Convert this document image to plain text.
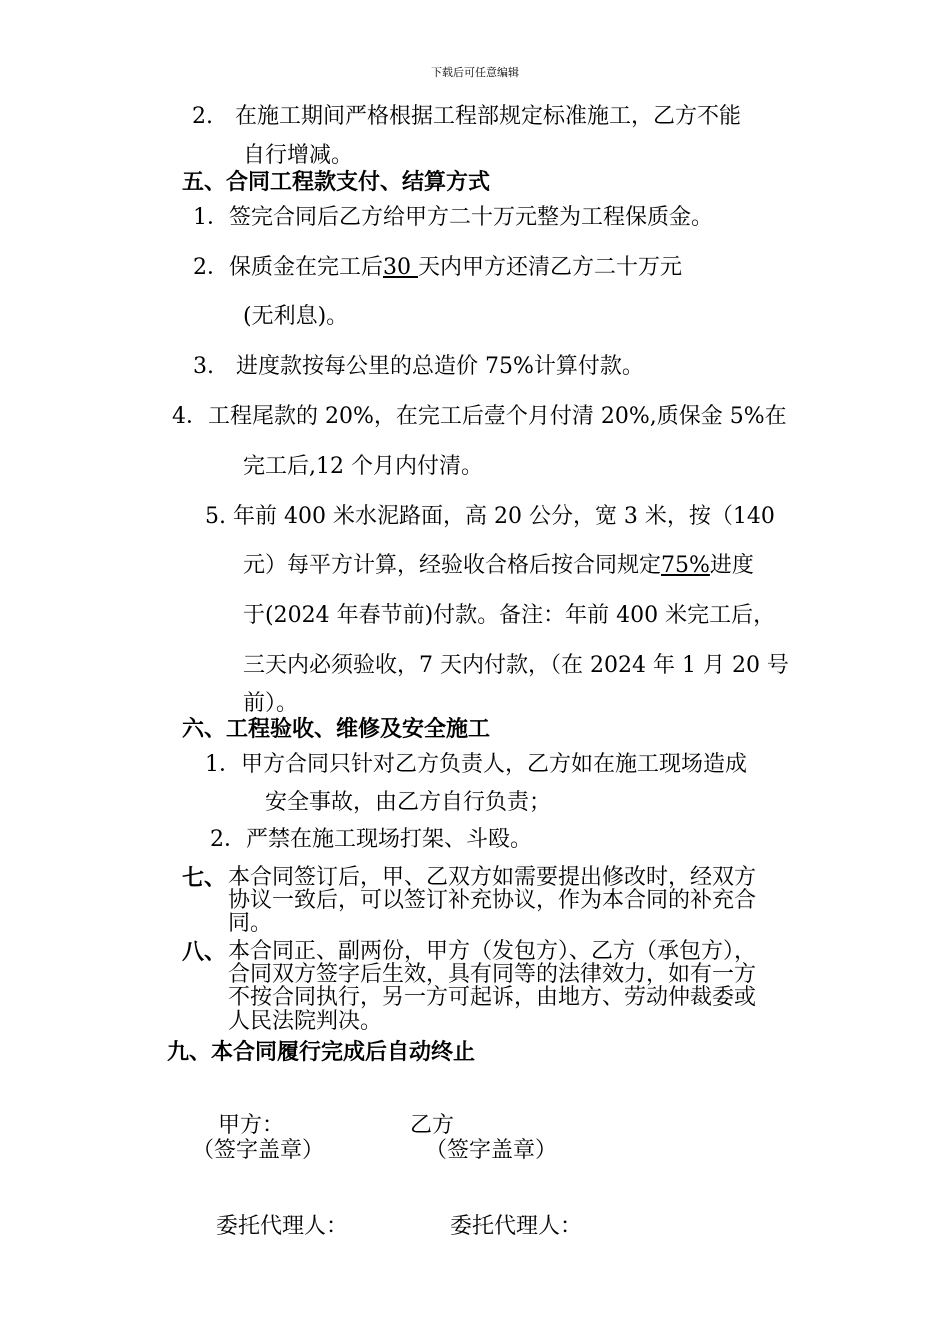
下载后可任意编辑
2.　在施工期间严格根据工程部规定标准施工，乙方不能
自行增减。
五、合同工程款支付、结算方式
1．签完合同后乙方给甲方二十万元整为工程保质金。
2．保质金在完工后30 天内甲方还清乙方二十万元
(无利息)。
3.　进度款按每公里的总造价 75%计算付款。
4．工程尾款的 20%，在完工后壹个月付清 20%,质保金 5%在
完工后,12 个月内付清。
5. 年前 400 米水泥路面，高 20 公分，宽 3 米，按（140
元）每平方计算，经验收合格后按合同规定75%进度
于(2024 年春节前)付款。备注：年前 400 米完工后，
三天内必须验收，7 天内付款，（在 2024 年 1 月 20 号
前）。
六、工程验收、维修及安全施工
1．甲方合同只针对乙方负责人，乙方如在施工现场造成
安全事故，由乙方自行负责；
2．严禁在施工现场打架、斗殴。
七、 本合同签订后，甲、乙双方如需要提出修改时，经双方
协议一致后，可以签订补充协议，作为本合同的补充合
同。
八、 本合同正、副两份，甲方（发包方）、乙方（承包方），
合同双方签字后生效，具有同等的法律效力，如有一方
不按合同执行，另一方可起诉，由地方、劳动仲裁委或
人民法院判决。
九、本合同履行完成后自动终止
甲方：	乙方
（签字盖章）	（签字盖章）
委托代理人：	委托代理人：
